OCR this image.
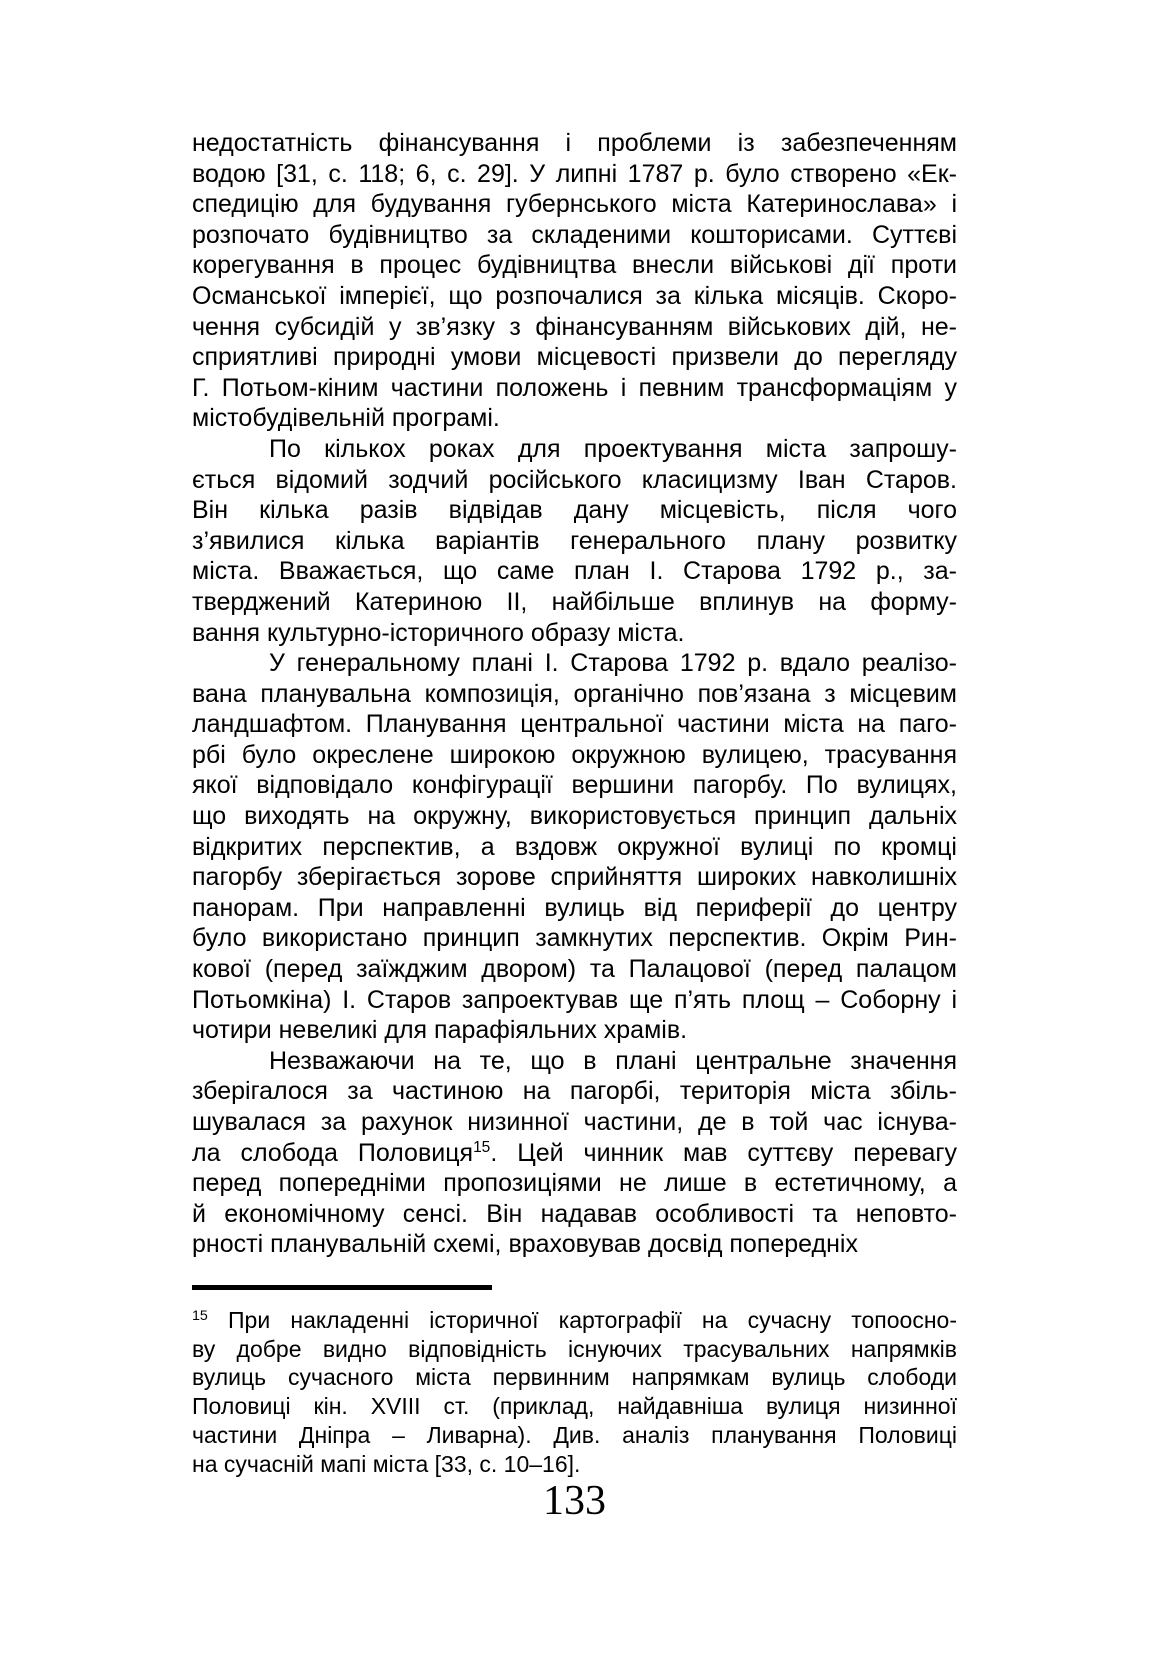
недостатність фінансування і проблеми із забезпеченням
водою [31, с. 118; 6, с. 29]. У липні 1787 р. було створено «Ек-
спедицію для будування губернського міста Катеринослава» і
розпочато будівництво за складеними кошторисами. Суттєві
корегування в процес будівництва внесли військові дії проти
Османської імперієї, що розпочалися за кілька місяців. Скоро-
чення субсидій у зв’язку з фінансуванням військових дій, не-
сприятливі природні умови місцевості призвели до перегляду
Г. Потьом-кіним частини положень і певним трансформаціям у
містобудівельній програмі.
По кількох роках для проектування міста запрошу-
ється відомий зодчий російського класицизму Іван Старов.
Він кілька разів відвідав дану місцевість, після чого
з’явилися кілька варіантів генерального плану розвитку
міста. Вважається, що саме план І. Старова 1792 р., за-
тверджений Катериною II, найбільше вплинув на форму-
вання культурно-історичного образу міста.
У генеральному плані І. Старова 1792 р. вдало реалізо-
вана планувальна композиція, органічно пов’язана з місцевим
ландшафтом. Планування центральної частини міста на паго-
рбі було окреслене широкою окружною вулицею, трасування
якої відповідало конфігурації вершини пагорбу. По вулицях,
що виходять на окружну, використовується принцип дальніх
відкритих перспектив, а вздовж окружної вулиці по кромці
пагорбу зберігається зорове сприйняття широких навколишніх
панорам. При направленні вулиць від периферії до центру
було використано принцип замкнутих перспектив. Окрім Рин-
кової (перед заїжджим двором) та Палацової (перед палацом
Потьомкіна) І. Старов запроектував ще п’ять площ – Соборну і
чотири невеликі для парафіяльних храмів.
Незважаючи на те, що в плані центральне значення
зберігалося за частиною на пагорбі, територія міста збіль-
шувалася за рахунок низинної частини, де в той час існува-
ла слобода Половиця$^{15}$. Цей чинник мав суттєву перевагу
перед попередніми пропозиціями не лише в естетичному, а
й економічному сенсі. Він надавав особливості та неповто-
рності планувальній схемі, враховував досвід попередніх
$^{15}$ При накладенні історичної картографії на сучасну топоосно-
ву добре видно відповідність існуючих трасувальних напрямків
вулиць сучасного міста первинним напрямкам вулиць слободи
Половиці кін. XVIII ст. (приклад, найдавніша вулиця низинної
частини Дніпра – Ливарна). Див. аналіз планування Половиці
на сучасній мапі міста [33, с. 10–16].
133
